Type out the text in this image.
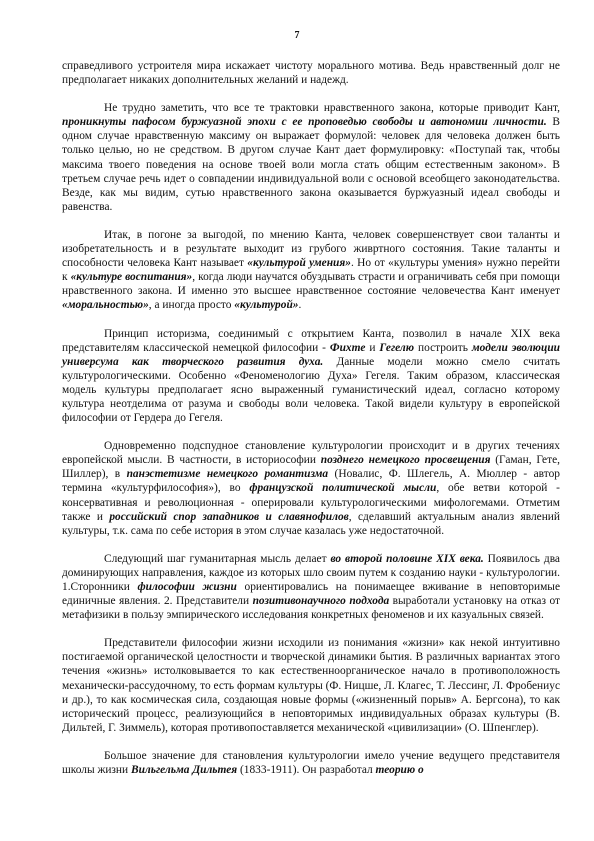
7

справедливого устроителя мира искажает чистоту морального мотива. Ведь нравственный долг не предполагает никаких дополнительных желаний и надежд.

Не трудно заметить, что все те трактовки нравственного закона, которые приводит Кант, проникнуты пафосом буржуазной эпохи с ее проповедью свободы и автономии личности. В одном случае нравственную максиму он выражает формулой: человек для человека должен быть только целью, но не средством. В другом случае Кант дает формулировку: «Поступай так, чтобы максима твоего поведения на основе твоей воли могла стать общим естественным законом». В третьем случае речь идет о совпадении индивидуальной воли с основой всеобщего законодательства. Везде, как мы видим, сутью нравственного закона оказывается буржуазный идеал свободы и равенства.

Итак, в погоне за выгодой, по мнению Канта, человек совершенствует свои таланты и изобретательность и в результате выходит из грубого живртного состояния. Такие таланты и способности человека Кант называет «культурой умения». Но от «культуры умения» нужно перейти к «культуре воспитания», когда люди научатся обуздывать страсти и ограничивать себя при помощи нравственного закона. И именно это высшее нравственное состояние человечества Кант именует «моральностью», а иногда просто «культурой».

Принцип историзма, соединимый с открытием Канта, позволил в начале XIX века представителям классической немецкой философии - Фихте и Гегелю построить модели эволюции универсума как творческого развития духа. Данные модели можно смело считать культурологическими. Особенно «Феноменологию Духа» Гегеля. Таким образом, классическая модель культуры предполагает ясно выраженный гуманистический идеал, согласно которому культура неотделима от разума и свободы воли человека. Такой видели культуру в европейской философии от Гердера до Гегеля.

Одновременно подспудное становление культурологии происходит и в других течениях европейской мысли. В частности, в историософии позднего немецкого просвещения (Гаман, Гете, Шиллер), в панэстетизме немецкого романтизма (Новалис, Ф. Шлегель, А. Мюллер - автор термина «культурфилософия»), во французской политической мысли, обе ветви которой - консервативная и революционная - оперировали культурологическими мифологемами. Отметим также и российский спор западников и славянофилов, сделавший актуальным анализ явлений культуры, т.к. сама по себе история в этом случае казалась уже недостаточной.

Следующий шаг гуманитарная мысль делает во второй половине XIX века. Появилось два доминирующих направления, каждое из которых шло своим путем к созданию науки - культурологии. 1.Сторонники философии жизни ориентировались на понимаещее вживание в неповторимые единичные явления. 2. Представители позитивонаучного подхода выработали установку на отказ от метафизики в пользу эмпирического исследования конкретных феноменов и их казуальных связей.

Представители философии жизни исходили из понимания «жизни» как некой интуитивно постигаемой органической целостности и творческой динамики бытия. В различных вариантах этого течения «жизнь» истолковывается то как естественноорганическое начало в противоположность механически-рассудочному, то есть формам культуры (Ф. Ницше, Л. Клагес, Т. Лессинг, Л. Фробениус и др.), то как космическая сила, создающая новые формы («жизненный порыв» А. Бергсона), то как исторический процесс, реализующийся в неповторимых индивидуальных образах культуры (В. Дильтей, Г. Зиммель), которая противопоставляется механической «цивилизации» (О. Шпенглер).

Большое значение для становления культурологии имело учение ведущего представителя школы жизни Вильгельма Дильтея (1833-1911). Он разработал теорию о
